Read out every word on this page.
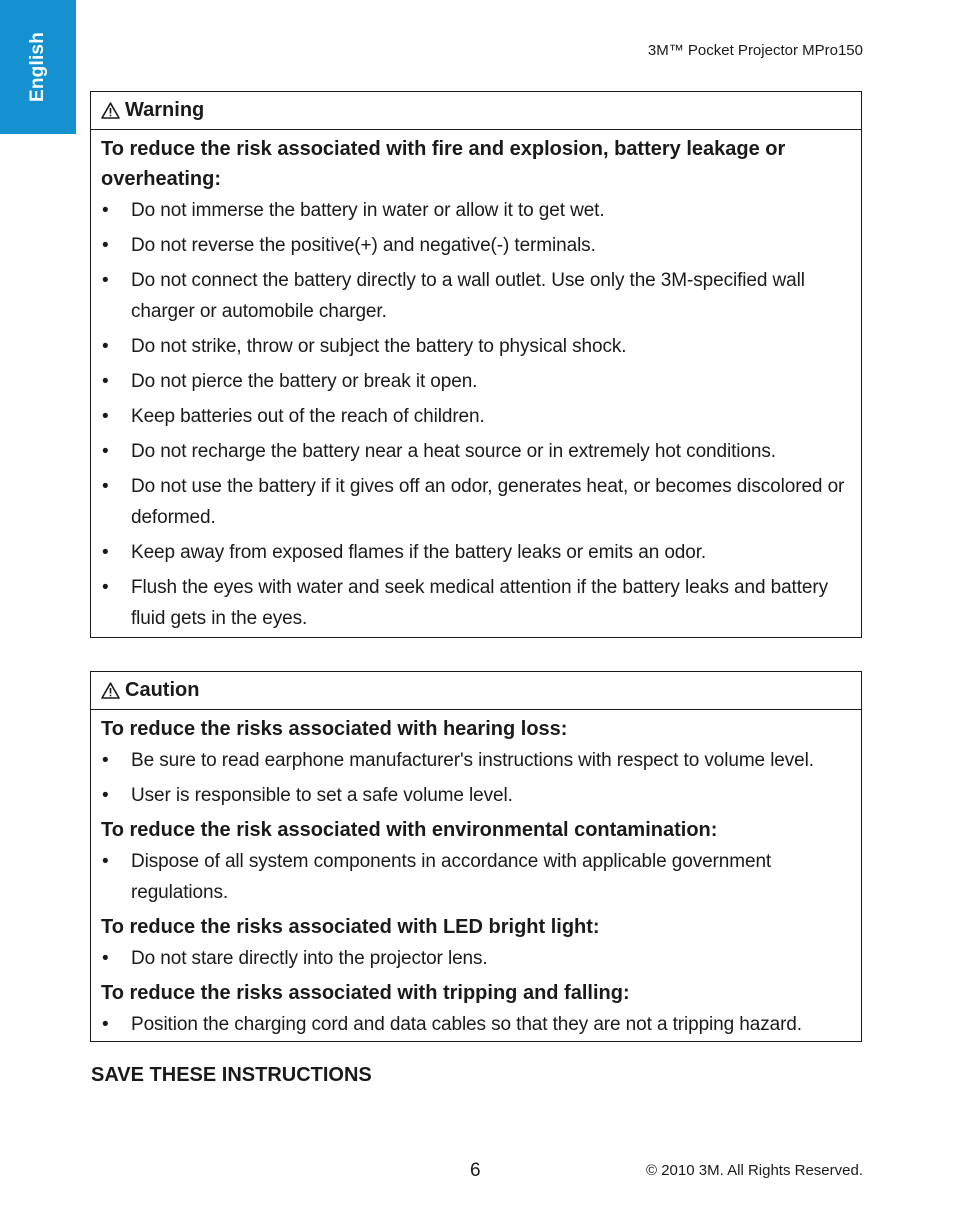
English	3M™ Pocket Projector MPro150
Warning
To reduce the risk associated with fire and explosion, battery leakage or overheating:
• Do not immerse the battery in water or allow it to get wet.
• Do not reverse the positive(+) and negative(-) terminals.
• Do not connect the battery directly to a wall outlet. Use only the 3M-specified wall charger or automobile charger.
• Do not strike, throw or subject the battery to physical shock.
• Do not pierce the battery or break it open.
• Keep batteries out of the reach of children.
• Do not recharge the battery near a heat source or in extremely hot conditions.
• Do not use the battery if it gives off an odor, generates heat, or becomes discolored or deformed.
• Keep away from exposed flames if the battery leaks or emits an odor.
• Flush the eyes with water and seek medical attention if the battery leaks and battery fluid gets in the eyes.
Caution
To reduce the risks associated with hearing loss:
• Be sure to read earphone manufacturer's instructions with respect to volume level.
• User is responsible to set a safe volume level.
To reduce the risk associated with environmental contamination:
• Dispose of all system components in accordance with applicable government regulations.
To reduce the risks associated with LED bright light:
• Do not stare directly into the projector lens.
To reduce the risks associated with tripping and falling:
• Position the charging cord and data cables so that they are not a tripping hazard.
SAVE THESE INSTRUCTIONS
6	© 2010 3M. All Rights Reserved.
